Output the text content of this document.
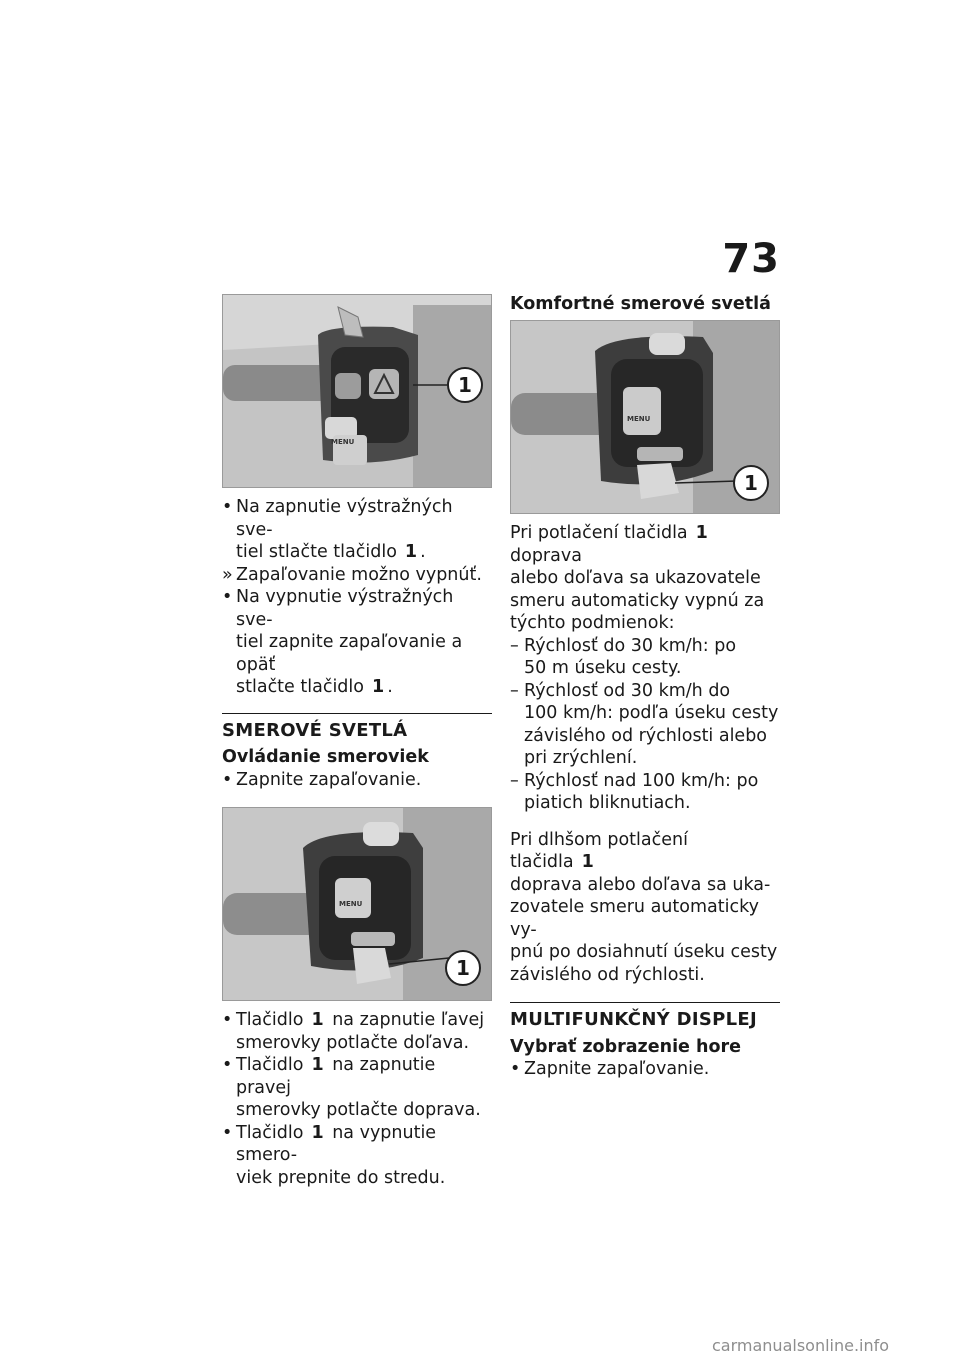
73
1
MENU
• Na zapnutie výstražných sve-
tiel stlačte tlačidlo 1 .
» Zapaľovanie možno vypnúť.
• Na vypnutie výstražných sve-
tiel zapnite zapaľovanie a opäť
stlačte tlačidlo 1 .
SMEROVÉ SVETLÁ
Ovládanie smeroviek
• Zapnite zapaľovanie.
1
MENU
• Tlačidlo 1 na zapnutie ľavej
smerovky potlačte doľava.
• Tlačidlo 1 na zapnutie pravej
smerovky potlačte doprava.
• Tlačidlo 1 na vypnutie smero-
viek prepnite do stredu.
Komfortné smerové svetlá
1
MENU
Pri potlačení tlačidla 1 doprava
alebo doľava sa ukazovatele
smeru automaticky vypnú za
týchto podmienok:
– Rýchlosť do 30 km/h: po
50 m úseku cesty.
– Rýchlosť od 30 km/h do
100 km/h: podľa úseku cesty
závislého od rýchlosti alebo
pri zrýchlení.
– Rýchlosť nad 100 km/h: po
piatich bliknutiach.
Pri dlhšom potlačení tlačidla 1
doprava alebo doľava sa uka-
zovatele smeru automaticky vy-
pnú po dosiahnutí úseku cesty
závislého od rýchlosti.
MULTIFUNKČNÝ DISPLEJ
Vybrať zobrazenie hore
• Zapnite zapaľovanie.
carmanualsonline.info
